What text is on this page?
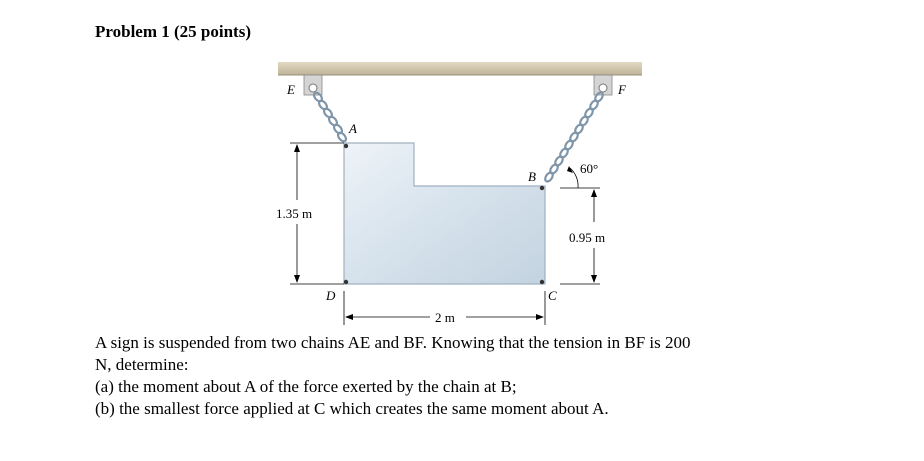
Problem 1 (25 points)
E	F
A
B
C
D
60°
1.35 m
0.95 m
2 m
A sign is suspended from two chains AE and BF. Knowing that the tension in BF is 200
N, determine:
(a) the moment about A of the force exerted by the chain at B;
(b) the smallest force applied at C which creates the same moment about A.
